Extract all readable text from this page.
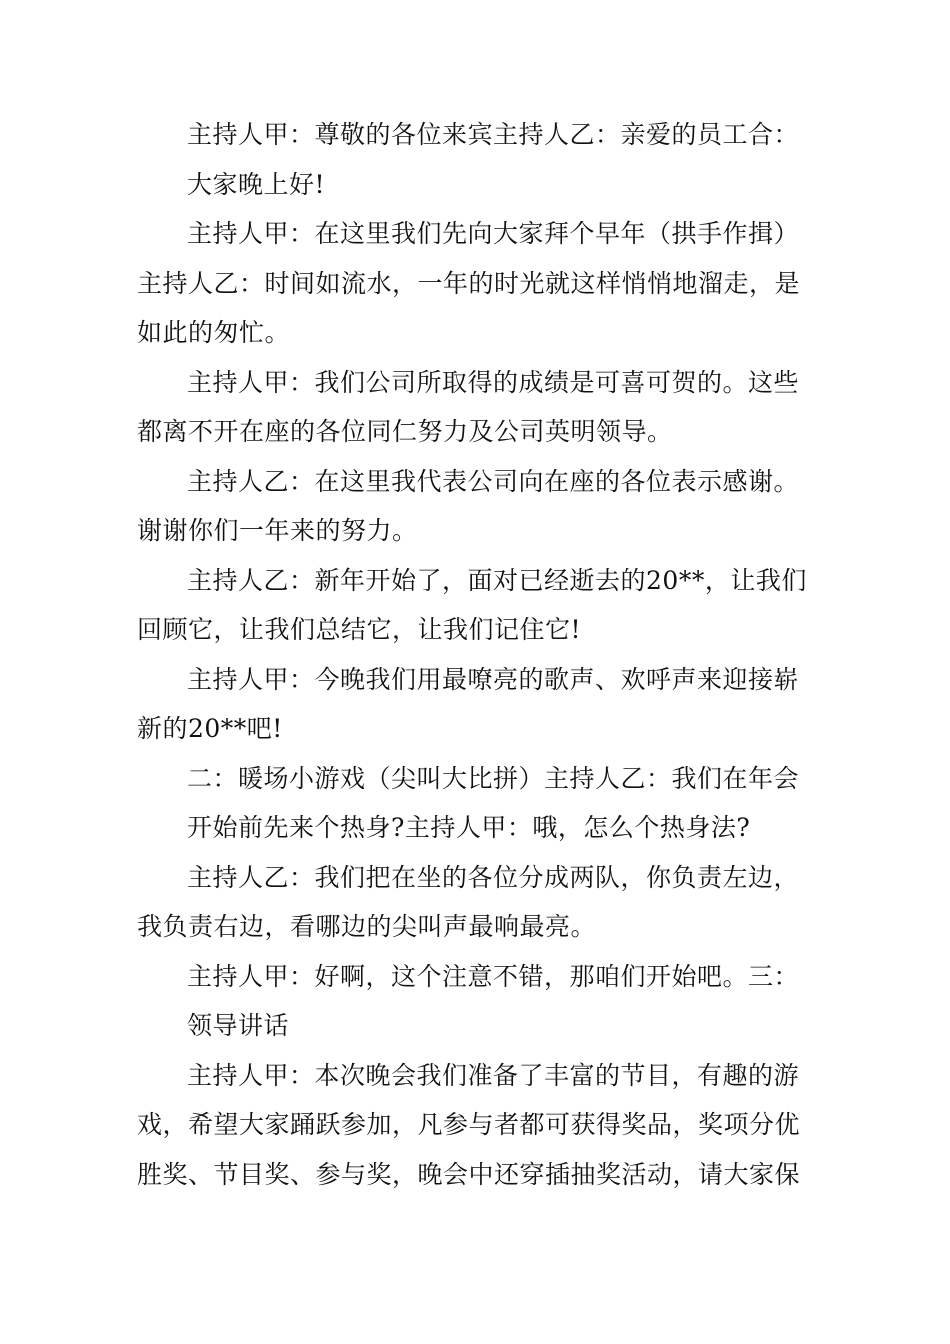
主持人甲：尊敬的各位来宾主持人乙：亲爱的员工合：

大家晚上好!

主持人甲：在这里我们先向大家拜个早年（拱手作揖）

主持人乙：时间如流水，一年的时光就这样悄悄地溜走，是

如此的匆忙。

主持人甲：我们公司所取得的成绩是可喜可贺的。这些

都离不开在座的各位同仁努力及公司英明领导。

主持人乙：在这里我代表公司向在座的各位表示感谢。

谢谢你们一年来的努力。

主持人乙：新年开始了，面对已经逝去的20**，让我们

回顾它，让我们总结它，让我们记住它!

主持人甲：今晚我们用最嘹亮的歌声、欢呼声来迎接崭

新的20**吧!

二：暖场小游戏（尖叫大比拼）主持人乙：我们在年会

开始前先来个热身?主持人甲：哦，怎么个热身法?

主持人乙：我们把在坐的各位分成两队，你负责左边，

我负责右边，看哪边的尖叫声最响最亮。

主持人甲：好啊，这个注意不错，那咱们开始吧。三：

领导讲话

主持人甲：本次晚会我们准备了丰富的节目，有趣的游

戏，希望大家踊跃参加，凡参与者都可获得奖品，奖项分优

胜奖、节目奖、参与奖，晚会中还穿插抽奖活动，请大家保
